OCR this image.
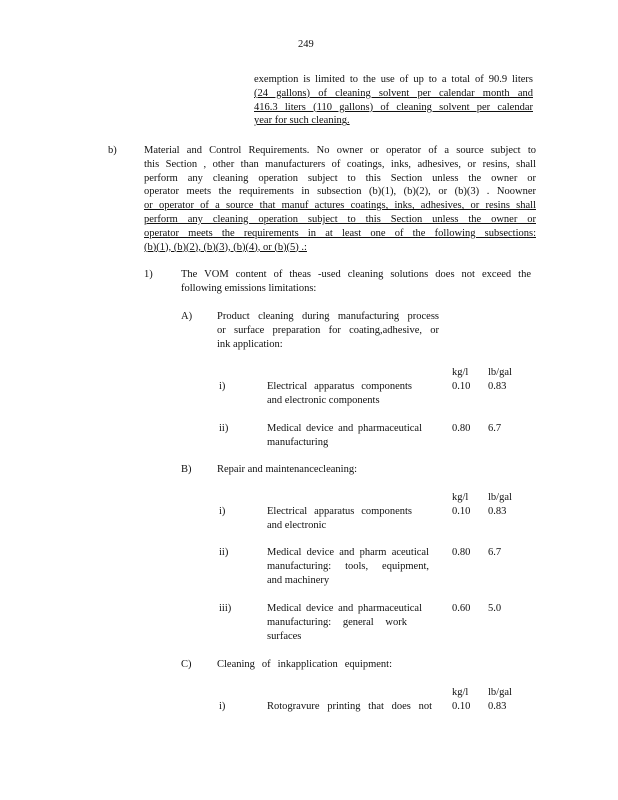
249
exemption is limited to the use of up to a total of 90.9 liters
(24 gallons) of cleaning solvent per calendar month and
416.3 liters (110 gallons) of cleaning solvent per calendar
year for such cleaning.
b)	Material and Control Requirements. No owner or operator of a source subject to
this Section , other than manufacturers of coatings, inks, adhesives, or resins, shall
perform any cleaning operation subject to this Section unless the owner or
operator meets the requirements in subsection (b)(1), (b)(2), or (b)(3) . Noowner
or operator of a source that manuf actures coatings, inks, adhesives, or resins shall
perform any cleaning operation subject to this Section unless the owner or
operator meets the requirements in at least one of the following subsections:
(b)(1), (b)(2), (b)(3), (b)(4), or (b)(5) .:
1)	The VOM content of theas -used cleaning solutions does not exceed the
following emissions limitations:
A) Product cleaning during manufacturing process
or surface preparation for coating,adhesive, or
ink application:
kg/l lb/gal
i)	Electrical apparatus components
and electronic components
0.10 0.83
ii)	Medical device and pharmaceutical
manufacturing
0.80 6.7
B) Repair and maintenancecleaning:
kg/l lb/gal
i)	Electrical apparatus components
and electronic
0.10 0.83
ii)	Medical device and pharm aceutical
manufacturing: tools, equipment,
and machinery
0.80 6.7
iii)	Medical device and pharmaceutical
manufacturing: general work
surfaces
0.60 5.0
C) Cleaning of inkapplication equipment:
kg/l lb/gal
i)	Rotogravure printing that does not 0.10 0.83
